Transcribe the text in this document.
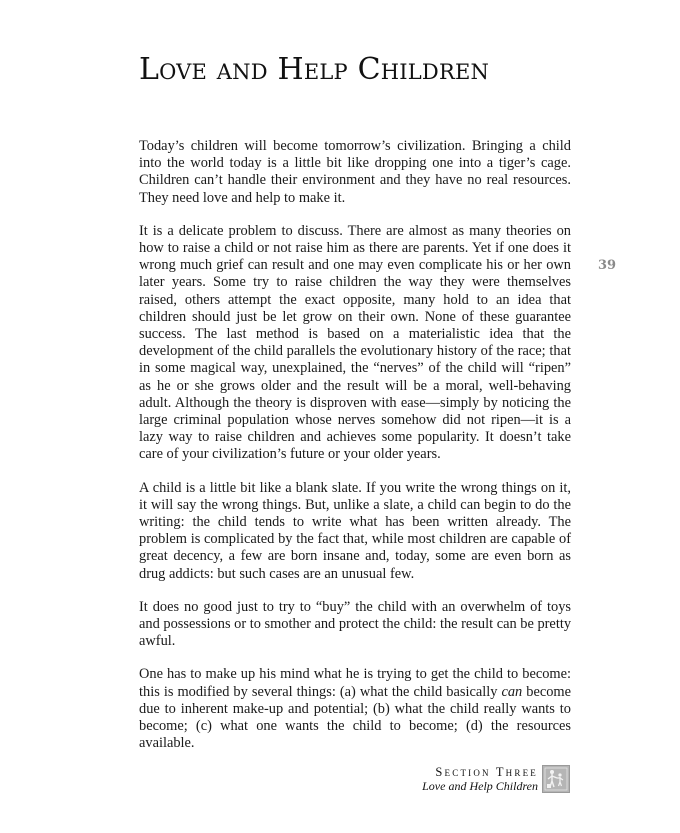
Love and Help Children

Today’s children will become tomorrow’s civilization. Bringing a child into the world today is a little bit like dropping one into a tiger’s cage. Children can’t handle their environment and they have no real resources. They need love and help to make it.

It is a delicate problem to discuss. There are almost as many theories on how to raise a child or not raise him as there are parents. Yet if one does it wrong much grief can result and one may even complicate his or her own later years. Some try to raise children the way they were themselves raised, others attempt the exact opposite, many hold to an idea that children should just be let grow on their own. None of these guarantee success. The last method is based on a materialistic idea that the development of the child parallels the evolutionary history of the race; that in some magical way, unexplained, the “nerves” of the child will “ripen” as he or she grows older and the result will be a moral, well-behaving adult. Although the theory is disproven with ease—simply by noticing the large criminal population whose nerves somehow did not ripen—it is a lazy way to raise children and achieves some popularity. It doesn’t take care of your civilization’s future or your older years.

A child is a little bit like a blank slate. If you write the wrong things on it, it will say the wrong things. But, unlike a slate, a child can begin to do the writing: the child tends to write what has been written already. The problem is complicated by the fact that, while most children are capable of great decency, a few are born insane and, today, some are even born as drug addicts: but such cases are an unusual few.

It does no good just to try to “buy” the child with an overwhelm of toys and possessions or to smother and protect the child: the result can be pretty awful.

One has to make up his mind what he is trying to get the child to become: this is modified by several things: (a) what the child basically can become due to inherent make-up and potential; (b) what the child really wants to become; (c) what one wants the child to become; (d) the resources available.

39
Section Three
Love and Help Children
